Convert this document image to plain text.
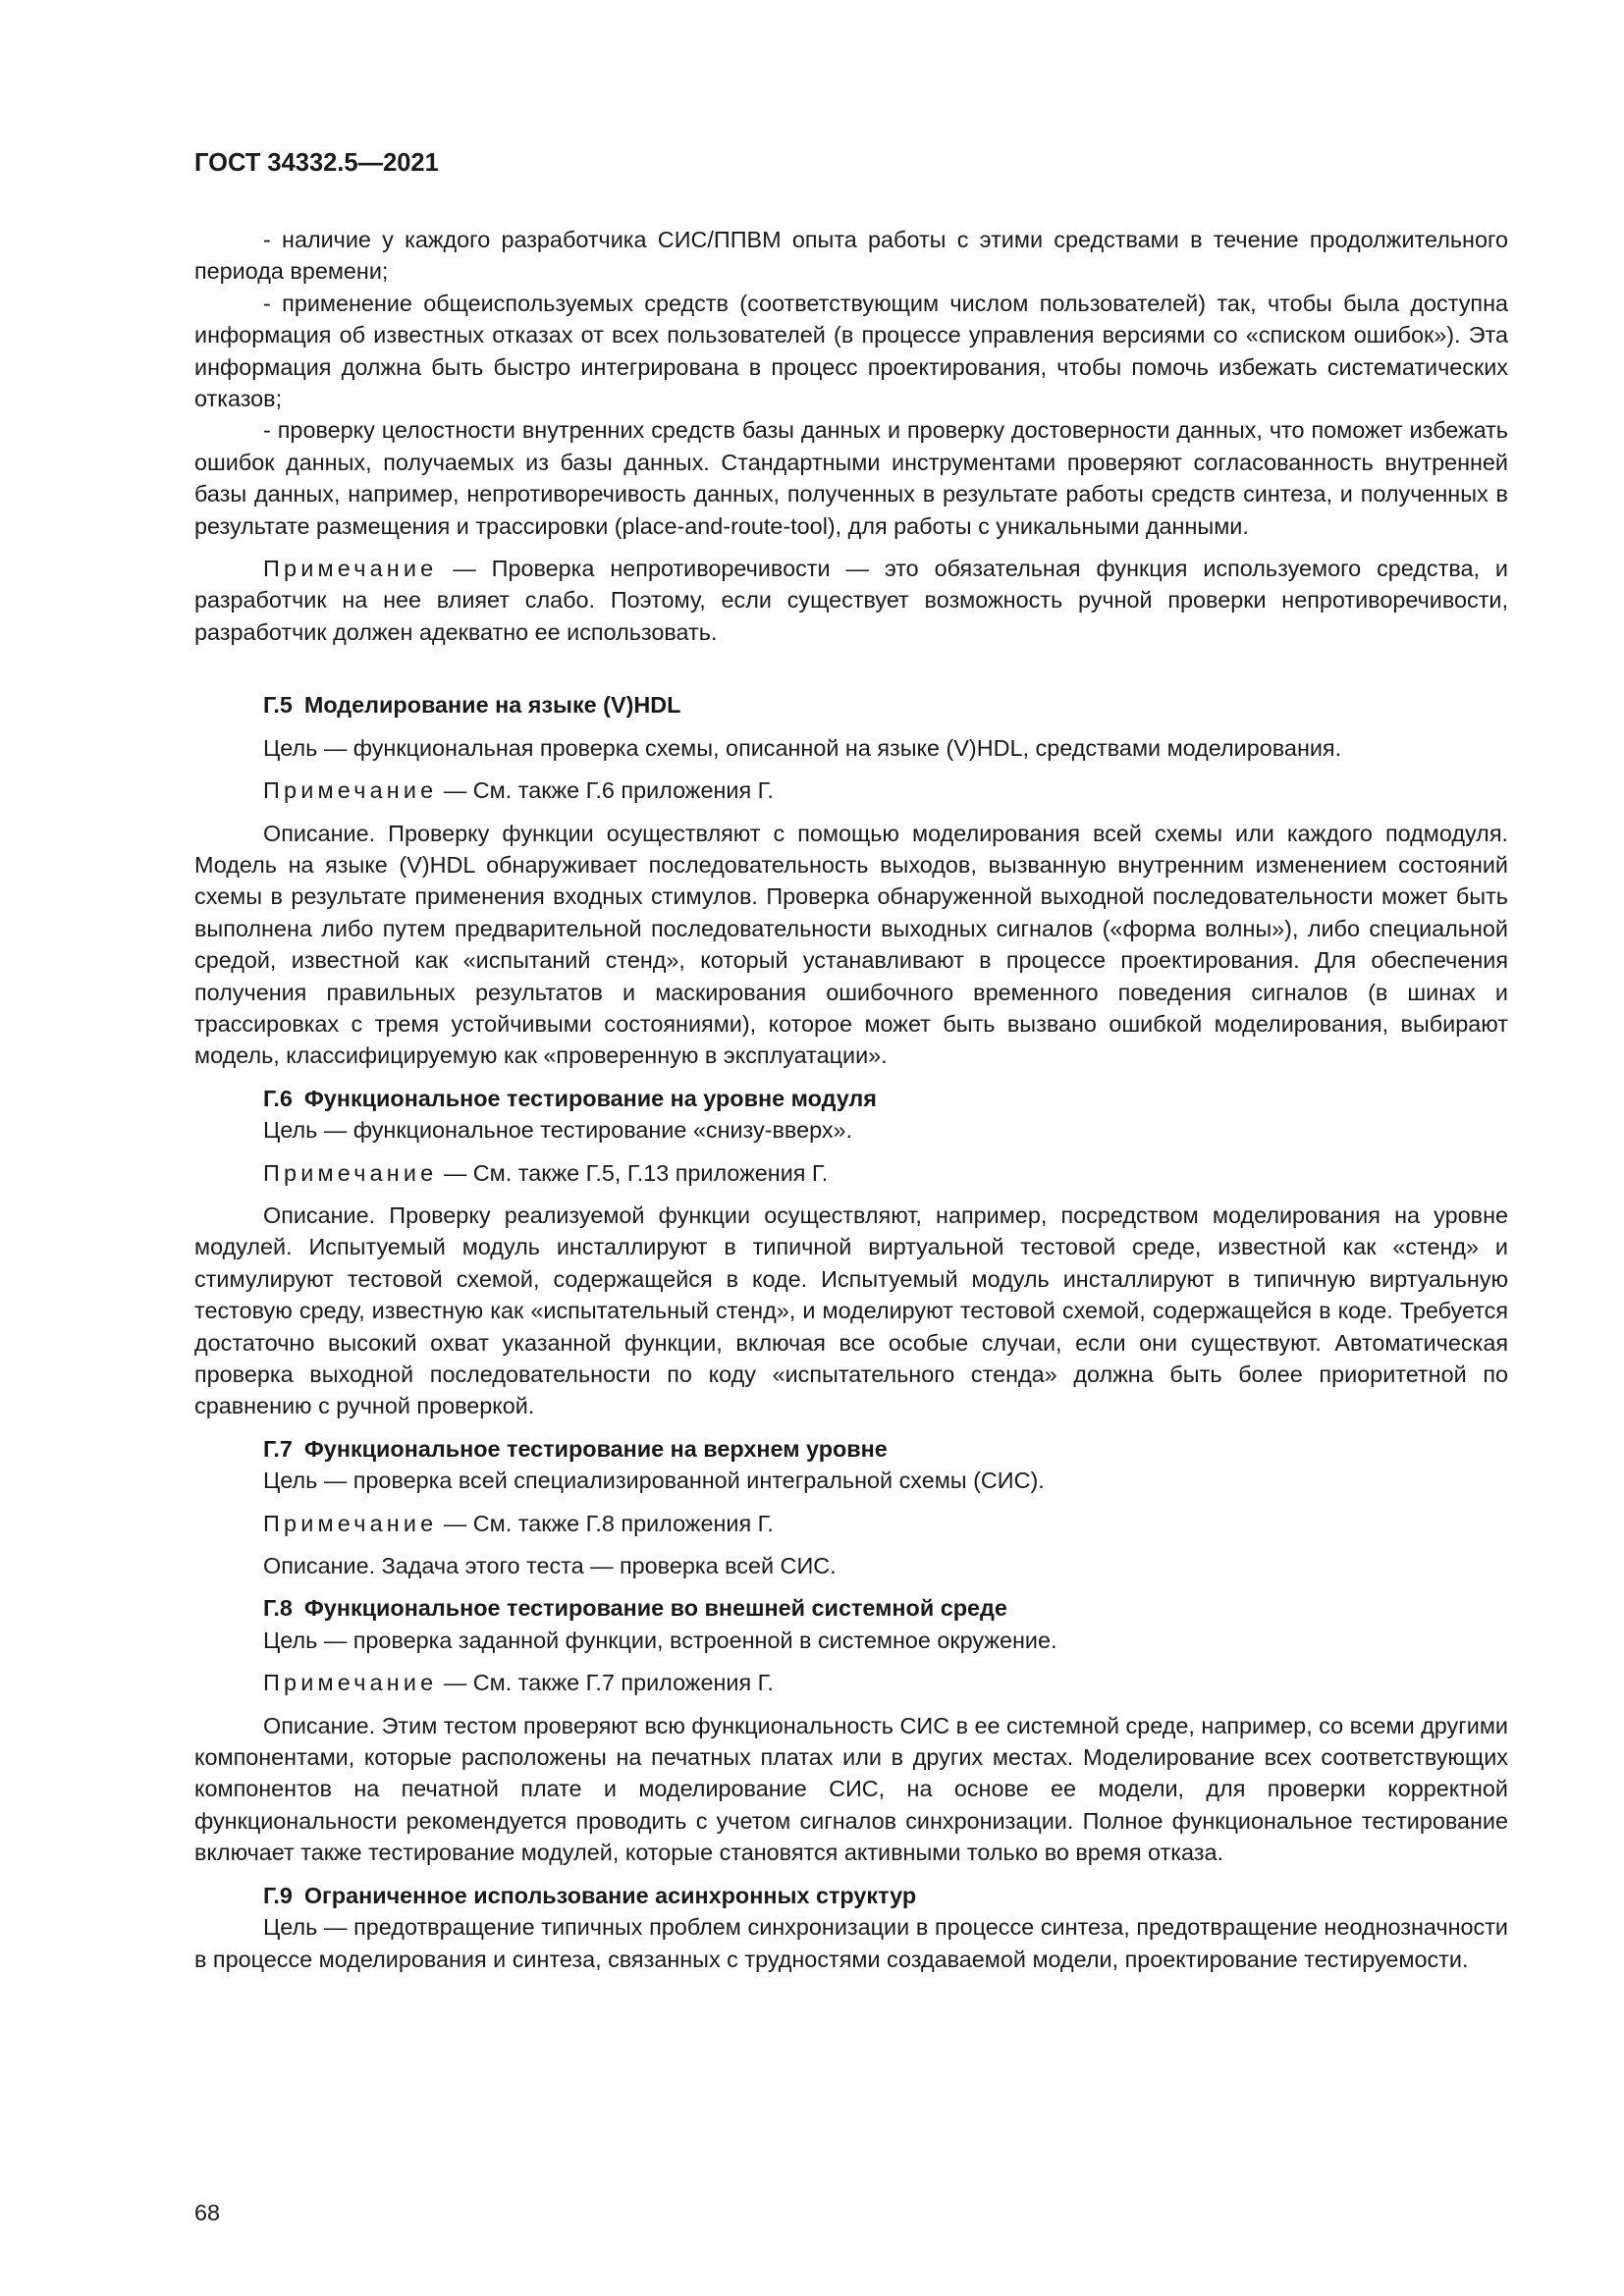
ГОСТ 34332.5—2021

- наличие у каждого разработчика СИС/ППВМ опыта работы с этими средствами в течение продолжительного периода времени;

- применение общеиспользуемых средств (соответствующим числом пользователей) так, чтобы была доступна информация об известных отказах от всех пользователей (в процессе управления версиями со «списком ошибок»). Эта информация должна быть быстро интегрирована в процесс проектирования, чтобы помочь избежать систематических отказов;

- проверку целостности внутренних средств базы данных и проверку достоверности данных, что поможет избежать ошибок данных, получаемых из базы данных. Стандартными инструментами проверяют согласованность внутренней базы данных, например, непротиворечивость данных, полученных в результате работы средств синтеза, и полученных в результате размещения и трассировки (place-and-route-tool), для работы с уникальными данными.

Примечание — Проверка непротиворечивости — это обязательная функция используемого средства, и разработчик на нее влияет слабо. Поэтому, если существует возможность ручной проверки непротиворечивости, разработчик должен адекватно ее использовать.

Г.5 Моделирование на языке (V)HDL

Цель — функциональная проверка схемы, описанной на языке (V)HDL, средствами моделирования.

Примечание — См. также Г.6 приложения Г.

Описание. Проверку функции осуществляют с помощью моделирования всей схемы или каждого подмодуля. Модель на языке (V)HDL обнаруживает последовательность выходов, вызванную внутренним изменением состояний схемы в результате применения входных стимулов. Проверка обнаруженной выходной последовательности может быть выполнена либо путем предварительной последовательности выходных сигналов («форма волны»), либо специальной средой, известной как «испытаний стенд», который устанавливают в процессе проектирования. Для обеспечения получения правильных результатов и маскирования ошибочного временного поведения сигналов (в шинах и трассировках с тремя устойчивыми состояниями), которое может быть вызвано ошибкой моделирования, выбирают модель, классифицируемую как «проверенную в эксплуатации».

Г.6 Функциональное тестирование на уровне модуля

Цель — функциональное тестирование «снизу-вверх».

Примечание — См. также Г.5, Г.13 приложения Г.

Описание. Проверку реализуемой функции осуществляют, например, посредством моделирования на уровне модулей. Испытуемый модуль инсталлируют в типичной виртуальной тестовой среде, известной как «стенд» и стимулируют тестовой схемой, содержащейся в коде. Испытуемый модуль инсталлируют в типичную виртуальную тестовую среду, известную как «испытательный стенд», и моделируют тестовой схемой, содержащейся в коде. Требуется достаточно высокий охват указанной функции, включая все особые случаи, если они существуют. Автоматическая проверка выходной последовательности по коду «испытательного стенда» должна быть более приоритетной по сравнению с ручной проверкой.

Г.7 Функциональное тестирование на верхнем уровне

Цель — проверка всей специализированной интегральной схемы (СИС).

Примечание — См. также Г.8 приложения Г.

Описание. Задача этого теста — проверка всей СИС.

Г.8 Функциональное тестирование во внешней системной среде

Цель — проверка заданной функции, встроенной в системное окружение.

Примечание — См. также Г.7 приложения Г.

Описание. Этим тестом проверяют всю функциональность СИС в ее системной среде, например, со всеми другими компонентами, которые расположены на печатных платах или в других местах. Моделирование всех соответствующих компонентов на печатной плате и моделирование СИС, на основе ее модели, для проверки корректной функциональности рекомендуется проводить с учетом сигналов синхронизации. Полное функциональное тестирование включает также тестирование модулей, которые становятся активными только во время отказа.

Г.9 Ограниченное использование асинхронных структур

Цель — предотвращение типичных проблем синхронизации в процессе синтеза, предотвращение неоднозначности в процессе моделирования и синтеза, связанных с трудностями создаваемой модели, проектирование тестируемости.

68
